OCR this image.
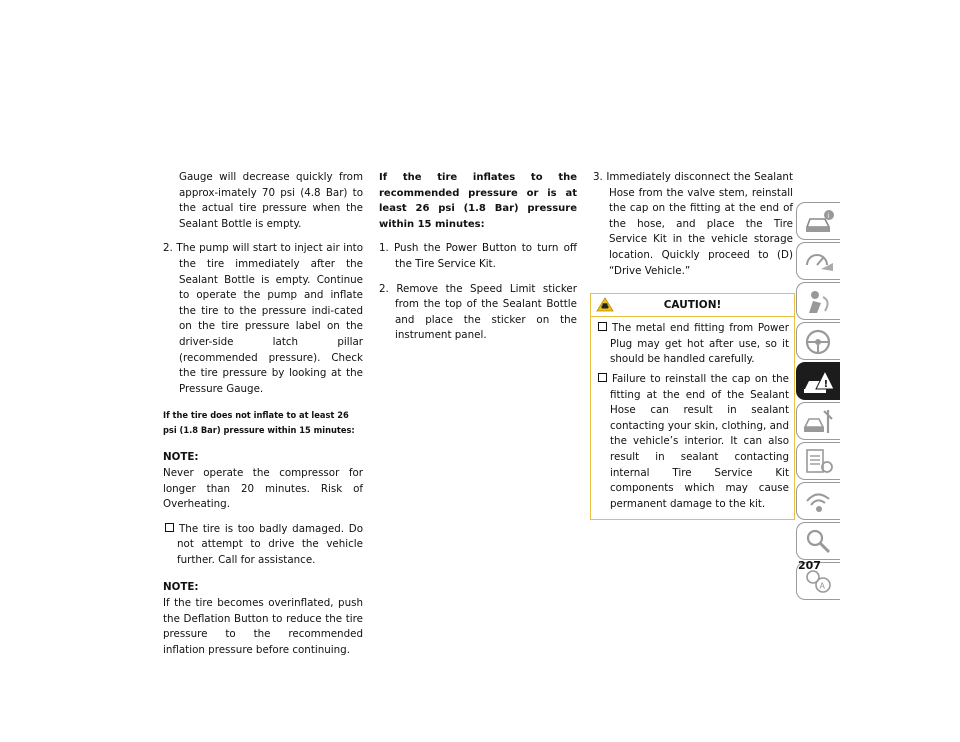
Gauge will decrease quickly from approx-imately 70 psi (4.8 Bar) to the actual tire pressure when the Sealant Bottle is empty.

2. The pump will start to inject air into the tire immediately after the Sealant Bottle is empty. Continue to operate the pump and inflate the tire to the pressure indi-cated on the tire pressure label on the driver-side latch pillar (recommended pressure). Check the tire pressure by looking at the Pressure Gauge.

If the tire does not inflate to at least 26 psi (1.8 Bar) pressure within 15 minutes:

NOTE:

Never operate the compressor for longer than 20 minutes. Risk of Overheating.

The tire is too badly damaged. Do not attempt to drive the vehicle further. Call for assistance.

NOTE:

If the tire becomes overinflated, push the Deflation Button to reduce the tire pressure to the recommended inflation pressure before continuing.

If the tire inflates to the recommended pressure or is at least 26 psi (1.8 Bar) pressure within 15 minutes:

1. Push the Power Button to turn off the Tire Service Kit.

2. Remove the Speed Limit sticker from the top of the Sealant Bottle and place the sticker on the instrument panel.

3. Immediately disconnect the Sealant Hose from the valve stem, reinstall the cap on the fitting at the end of the hose, and place the Tire Service Kit in the vehicle storage location. Quickly proceed to (D) “Drive Vehicle.”

CAUTION!

The metal end fitting from Power Plug may get hot after use, so it should be handled carefully.

Failure to reinstall the cap on the fitting at the end of the Sealant Hose can result in sealant contacting your skin, clothing, and the vehicle’s interior. It can also result in sealant contacting internal Tire Service Kit components which may cause permanent damage to the kit.

i
!
A
207
